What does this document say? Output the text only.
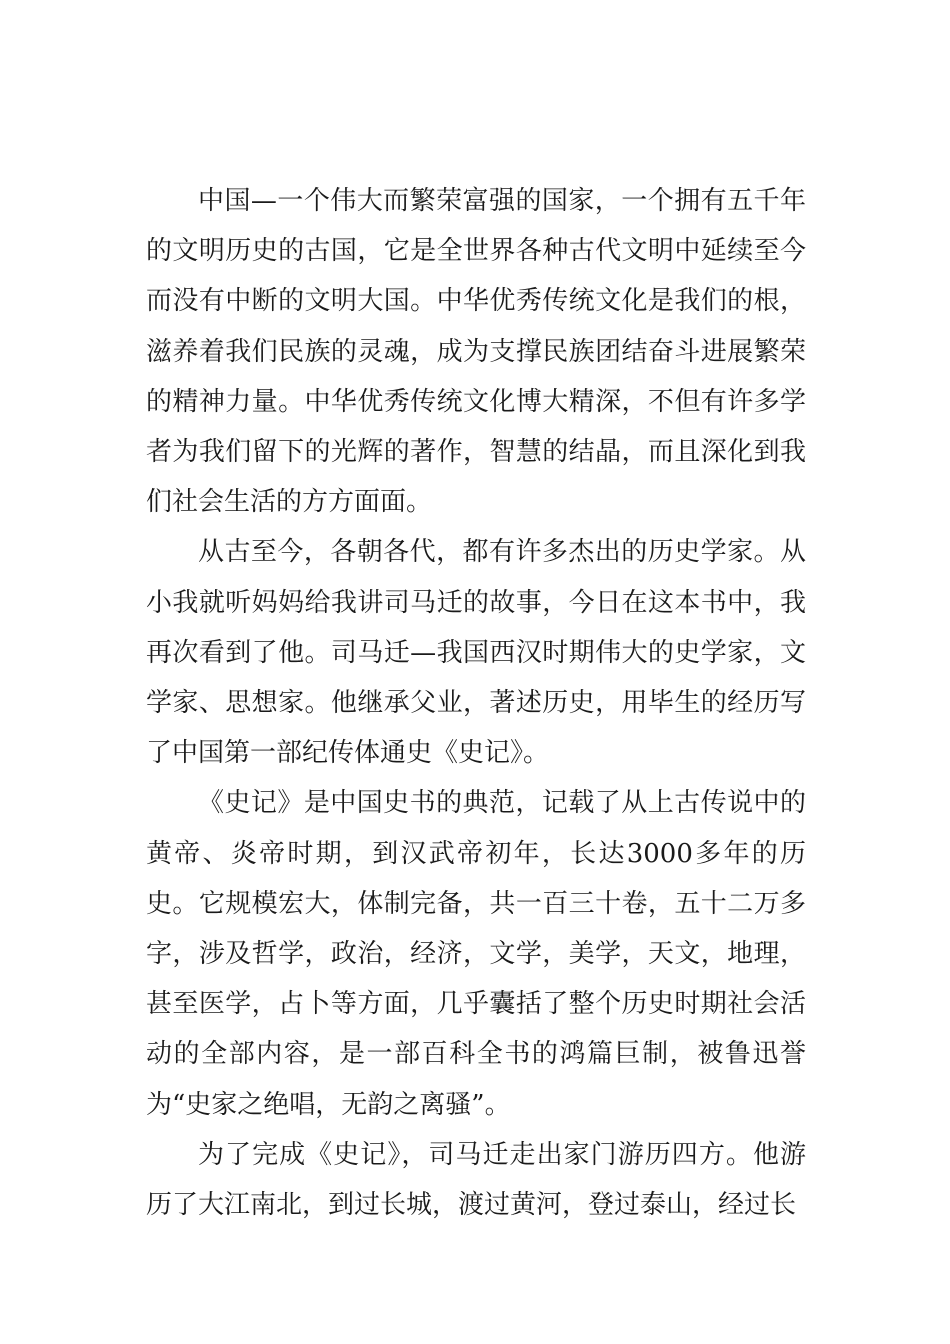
中国—一个伟大而繁荣富强的国家，一个拥有五千年的文明历史的古国，它是全世界各种古代文明中延续至今而没有中断的文明大国。中华优秀传统文化是我们的根，滋养着我们民族的灵魂，成为支撑民族团结奋斗进展繁荣的精神力量。中华优秀传统文化博大精深，不但有许多学者为我们留下的光辉的著作，智慧的结晶，而且深化到我们社会生活的方方面面。

从古至今，各朝各代，都有许多杰出的历史学家。从小我就听妈妈给我讲司马迁的故事，今日在这本书中，我再次看到了他。司马迁—我国西汉时期伟大的史学家，文学家、思想家。他继承父业，著述历史，用毕生的经历写了中国第一部纪传体通史《史记》。

《史记》是中国史书的典范，记载了从上古传说中的黄帝、炎帝时期，到汉武帝初年，长达3000多年的历史。它规模宏大，体制完备，共一百三十卷，五十二万多字，涉及哲学，政治，经济，文学，美学，天文，地理，甚至医学，占卜等方面，几乎囊括了整个历史时期社会活动的全部内容，是一部百科全书的鸿篇巨制，被鲁迅誉为“史家之绝唱，无韵之离骚”。

为了完成《史记》，司马迁走出家门游历四方。他游历了大江南北，到过长城，渡过黄河，登过泰山，经过长
